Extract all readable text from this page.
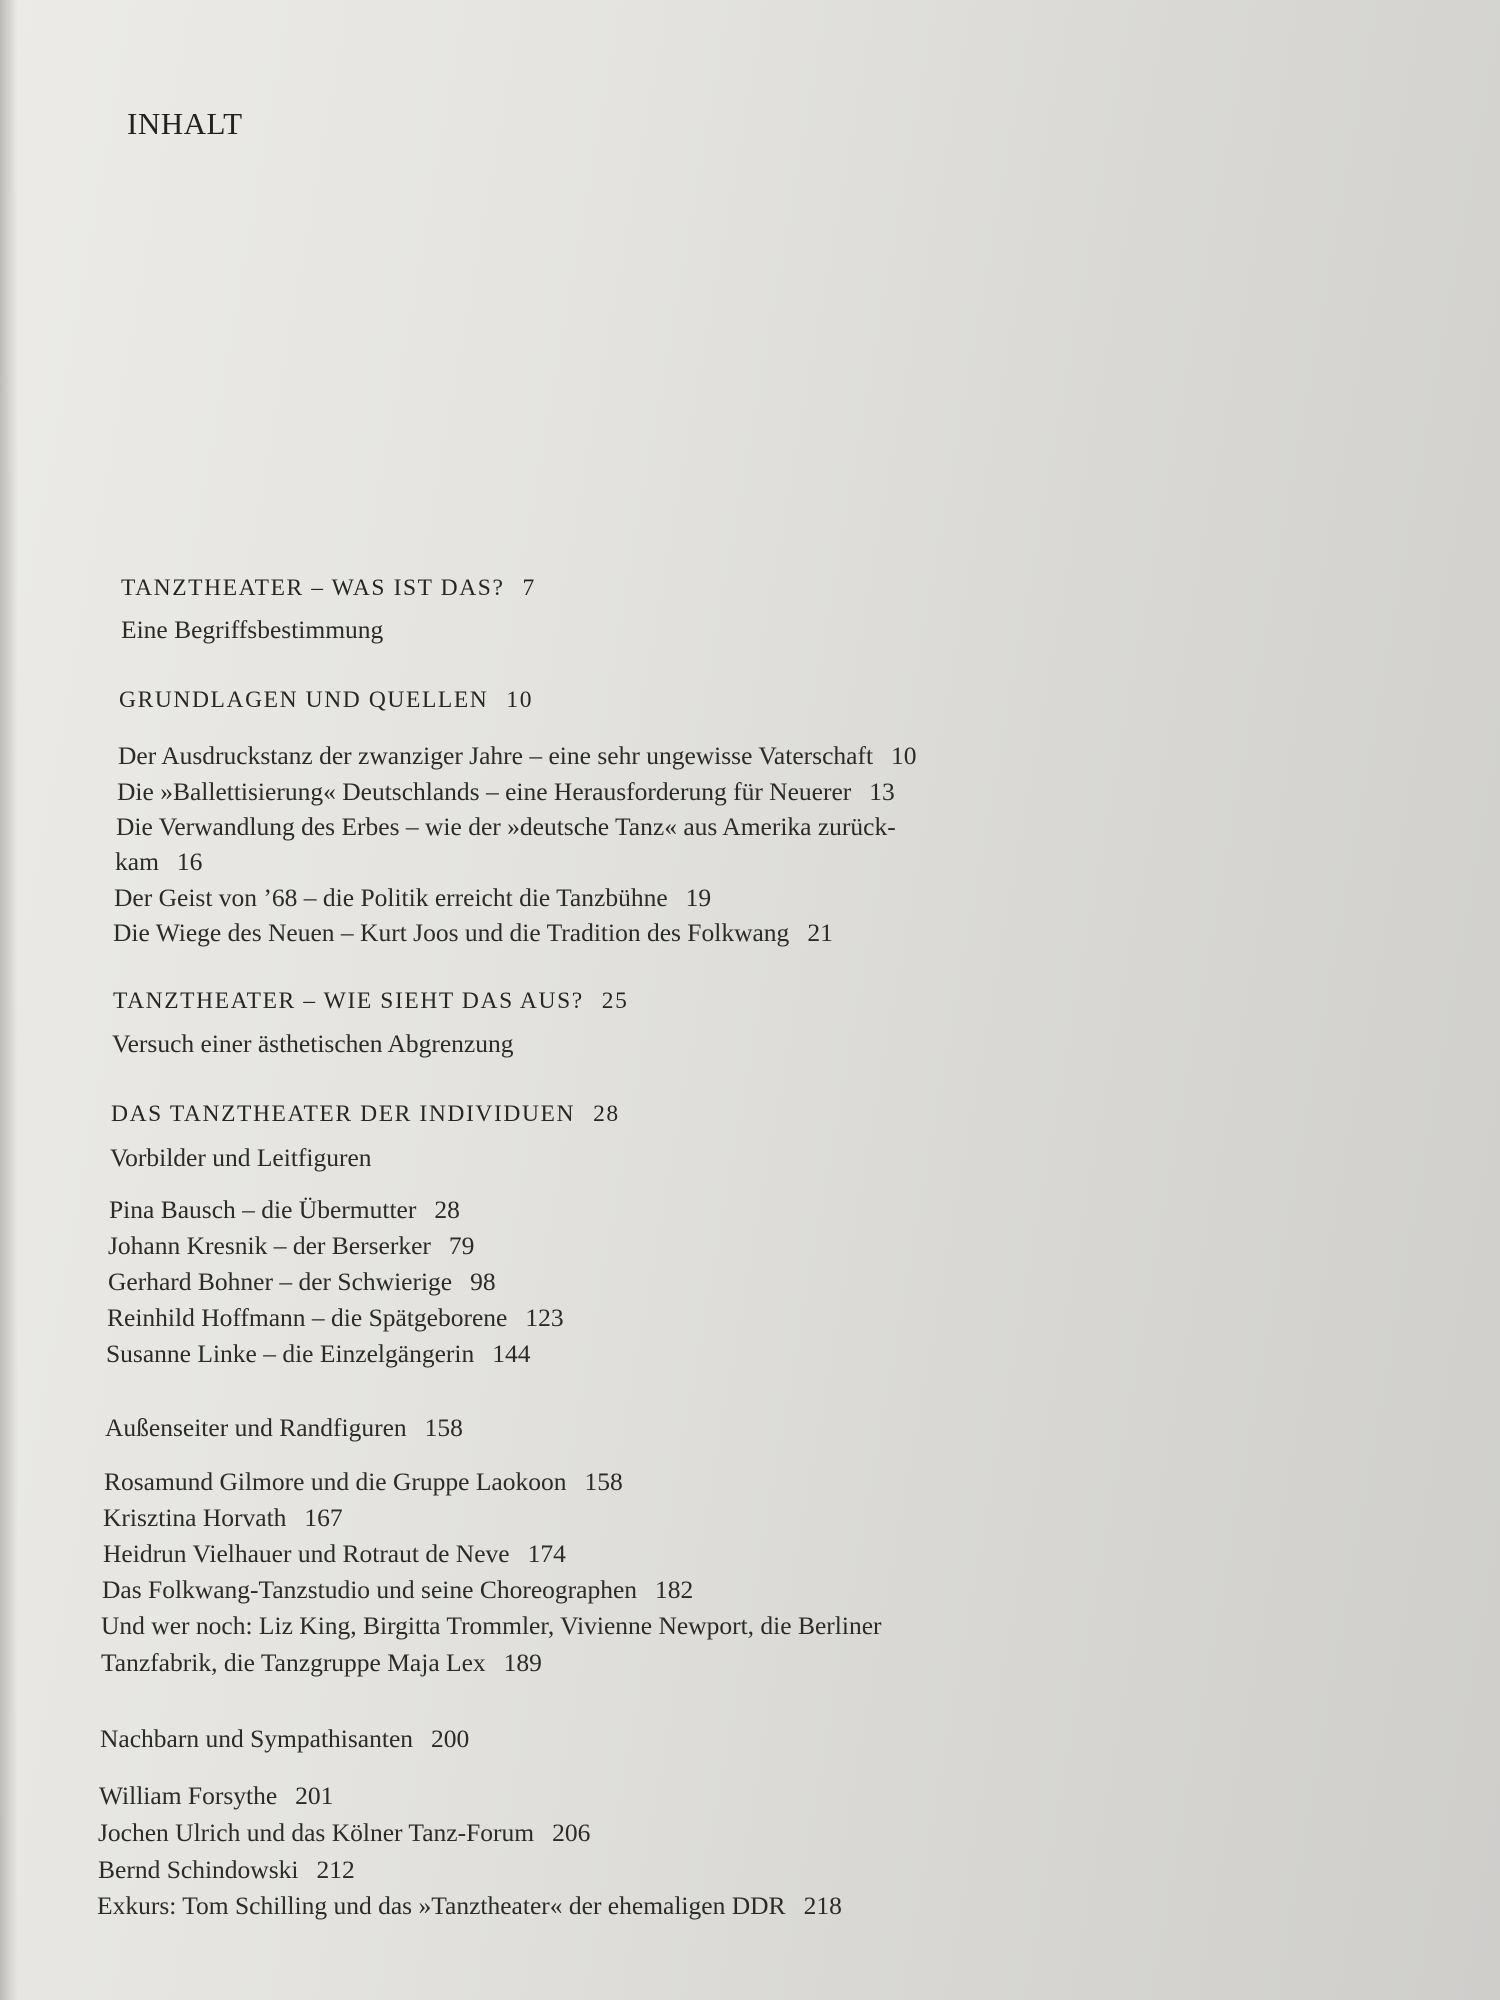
INHALT
TANZTHEATER – WAS IST DAS? 7
Eine Begriffsbestimmung
GRUNDLAGEN UND QUELLEN 10
Der Ausdruckstanz der zwanziger Jahre – eine sehr ungewisse Vaterschaft 10
Die »Ballettisierung« Deutschlands – eine Herausforderung für Neuerer 13
Die Verwandlung des Erbes – wie der »deutsche Tanz« aus Amerika zurück-
kam 16
Der Geist von ’68 – die Politik erreicht die Tanzbühne 19
Die Wiege des Neuen – Kurt Joos und die Tradition des Folkwang 21
TANZTHEATER – WIE SIEHT DAS AUS? 25
Versuch einer ästhetischen Abgrenzung
DAS TANZTHEATER DER INDIVIDUEN 28
Vorbilder und Leitfiguren
Pina Bausch – die Übermutter 28
Johann Kresnik – der Berserker 79
Gerhard Bohner – der Schwierige 98
Reinhild Hoffmann – die Spätgeborene 123
Susanne Linke – die Einzelgängerin 144
Außenseiter und Randfiguren 158
Rosamund Gilmore und die Gruppe Laokoon 158
Krisztina Horvath 167
Heidrun Vielhauer und Rotraut de Neve 174
Das Folkwang-Tanzstudio und seine Choreographen 182
Und wer noch: Liz King, Birgitta Trommler, Vivienne Newport, die Berliner
Tanzfabrik, die Tanzgruppe Maja Lex 189
Nachbarn und Sympathisanten 200
William Forsythe 201
Jochen Ulrich und das Kölner Tanz-Forum 206
Bernd Schindowski 212
Exkurs: Tom Schilling und das »Tanztheater« der ehemaligen DDR 218
